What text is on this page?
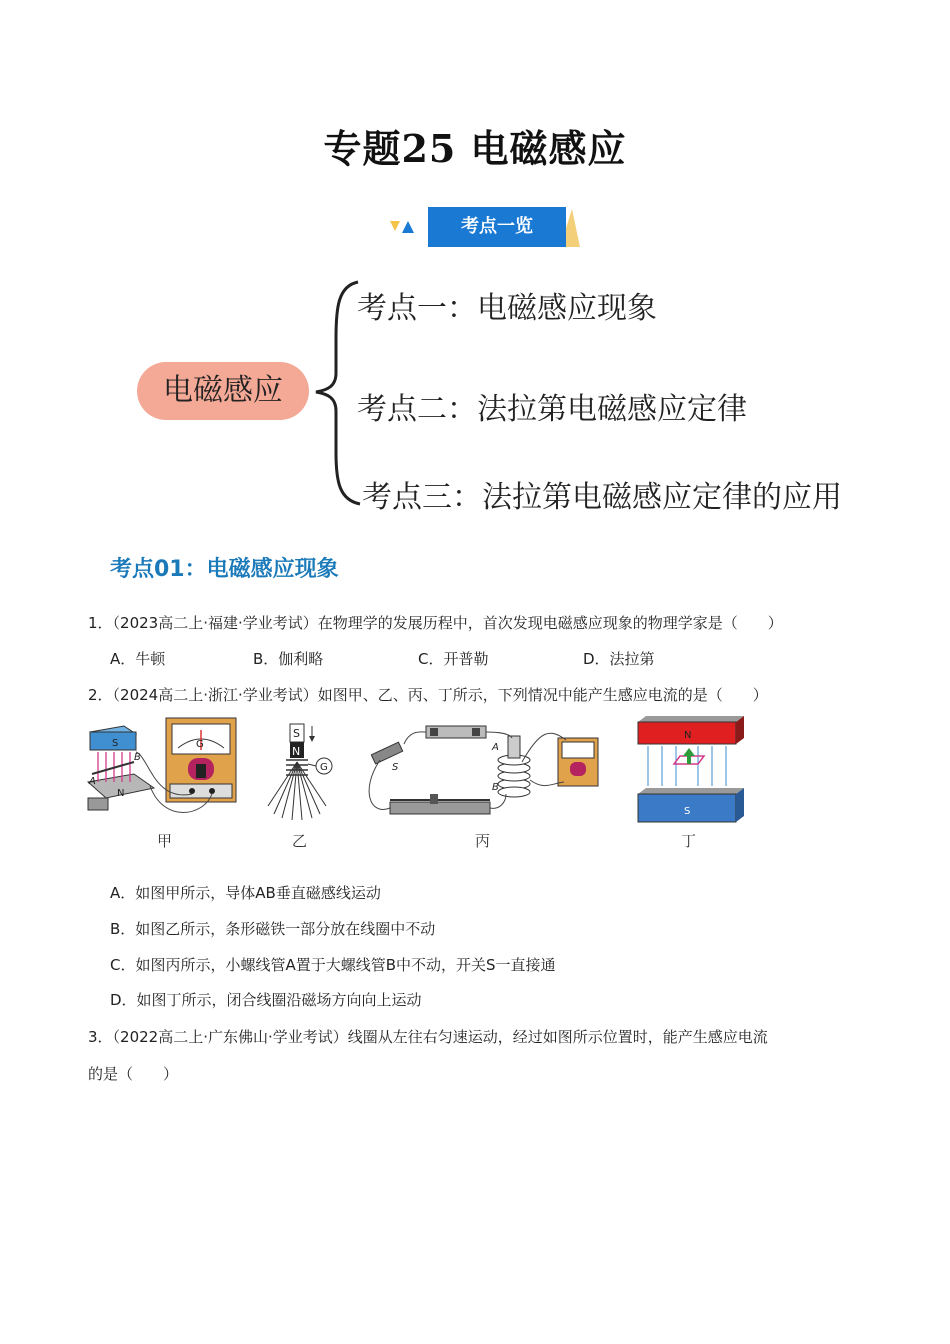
专题25 电磁感应
考点一览
电磁感应
考点一：电磁感应现象
考点二：法拉第电磁感应定律
考点三：法拉第电磁感应定律的应用
考点01：电磁感应现象
1．（2023高二上·福建·学业考试）在物理学的发展历程中，首次发现电磁感应现象的物理学家是（　　）
A．牛顿	B．伽利略	C．开普勒	D．法拉第
2．（2024高二上·浙江·学业考试）如图甲、乙、丙、丁所示，下列情况中能产生感应电流的是（　　）
S
N
A
B
G
甲
S
N
G
乙
S
A
B
丙
N
S
丁
A．如图甲所示，导体AB垂直磁感线运动
B．如图乙所示，条形磁铁一部分放在线圈中不动
C．如图丙所示，小螺线管A置于大螺线管B中不动，开关S一直接通
D．如图丁所示，闭合线圈沿磁场方向向上运动
3．（2022高二上·广东佛山·学业考试）线圈从左往右匀速运动，经过如图所示位置时，能产生感应电流
的是（　　）
